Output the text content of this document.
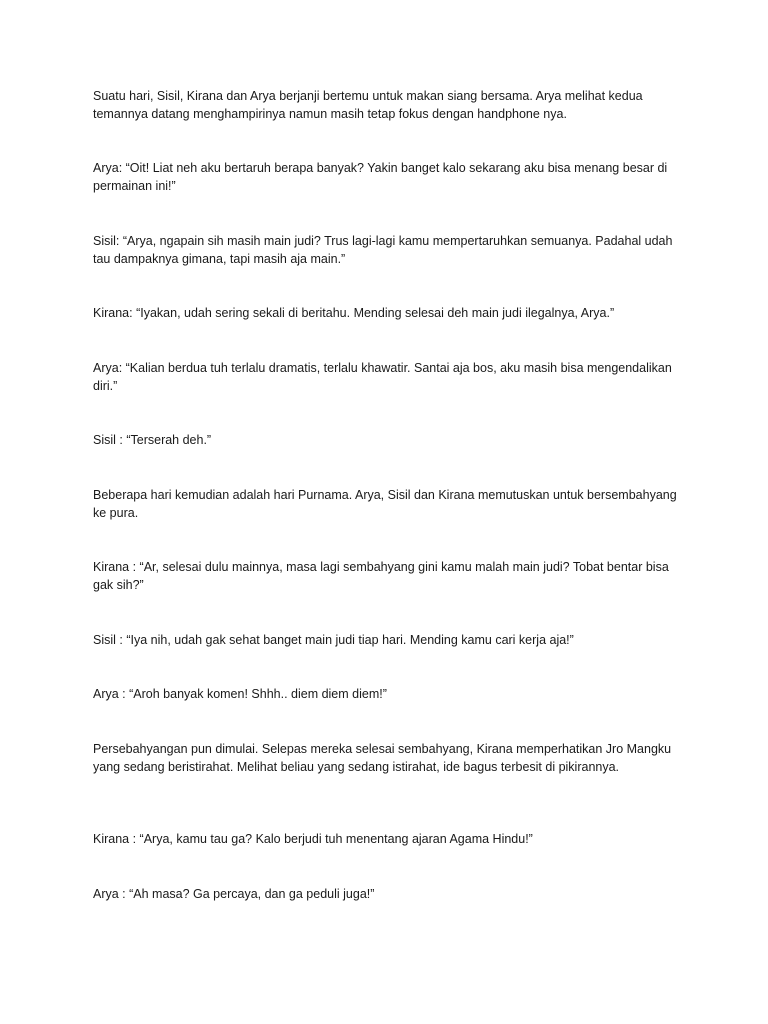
Suatu hari, Sisil, Kirana dan Arya berjanji bertemu untuk makan siang bersama. Arya melihat kedua temannya datang menghampirinya namun masih tetap fokus dengan handphone nya.

Arya: “Oit! Liat neh aku bertaruh berapa banyak? Yakin banget kalo sekarang aku bisa menang besar di permainan ini!”

Sisil: “Arya, ngapain sih masih main judi? Trus lagi-lagi kamu mempertaruhkan semuanya. Padahal udah tau dampaknya gimana, tapi masih aja main.”

Kirana: “Iyakan, udah sering sekali di beritahu. Mending selesai deh main judi ilegalnya, Arya.”

Arya: “Kalian berdua tuh terlalu dramatis, terlalu khawatir. Santai aja bos, aku masih bisa mengendalikan diri.”

Sisil : “Terserah deh.”

Beberapa hari kemudian adalah hari Purnama. Arya, Sisil dan Kirana memutuskan untuk bersembahyang ke pura.

Kirana : “Ar, selesai dulu mainnya, masa lagi sembahyang gini kamu malah main judi? Tobat bentar bisa gak sih?”

Sisil : “Iya nih, udah gak sehat banget main judi tiap hari. Mending kamu cari kerja aja!”

Arya : “Aroh banyak komen! Shhh.. diem diem diem!”

Persebahyangan pun dimulai. Selepas mereka selesai sembahyang, Kirana memperhatikan Jro Mangku yang sedang beristirahat. Melihat beliau yang sedang istirahat, ide bagus terbesit di pikirannya.

Kirana : “Arya, kamu tau ga? Kalo berjudi tuh menentang ajaran Agama Hindu!”

Arya : “Ah masa? Ga percaya, dan ga peduli juga!”
